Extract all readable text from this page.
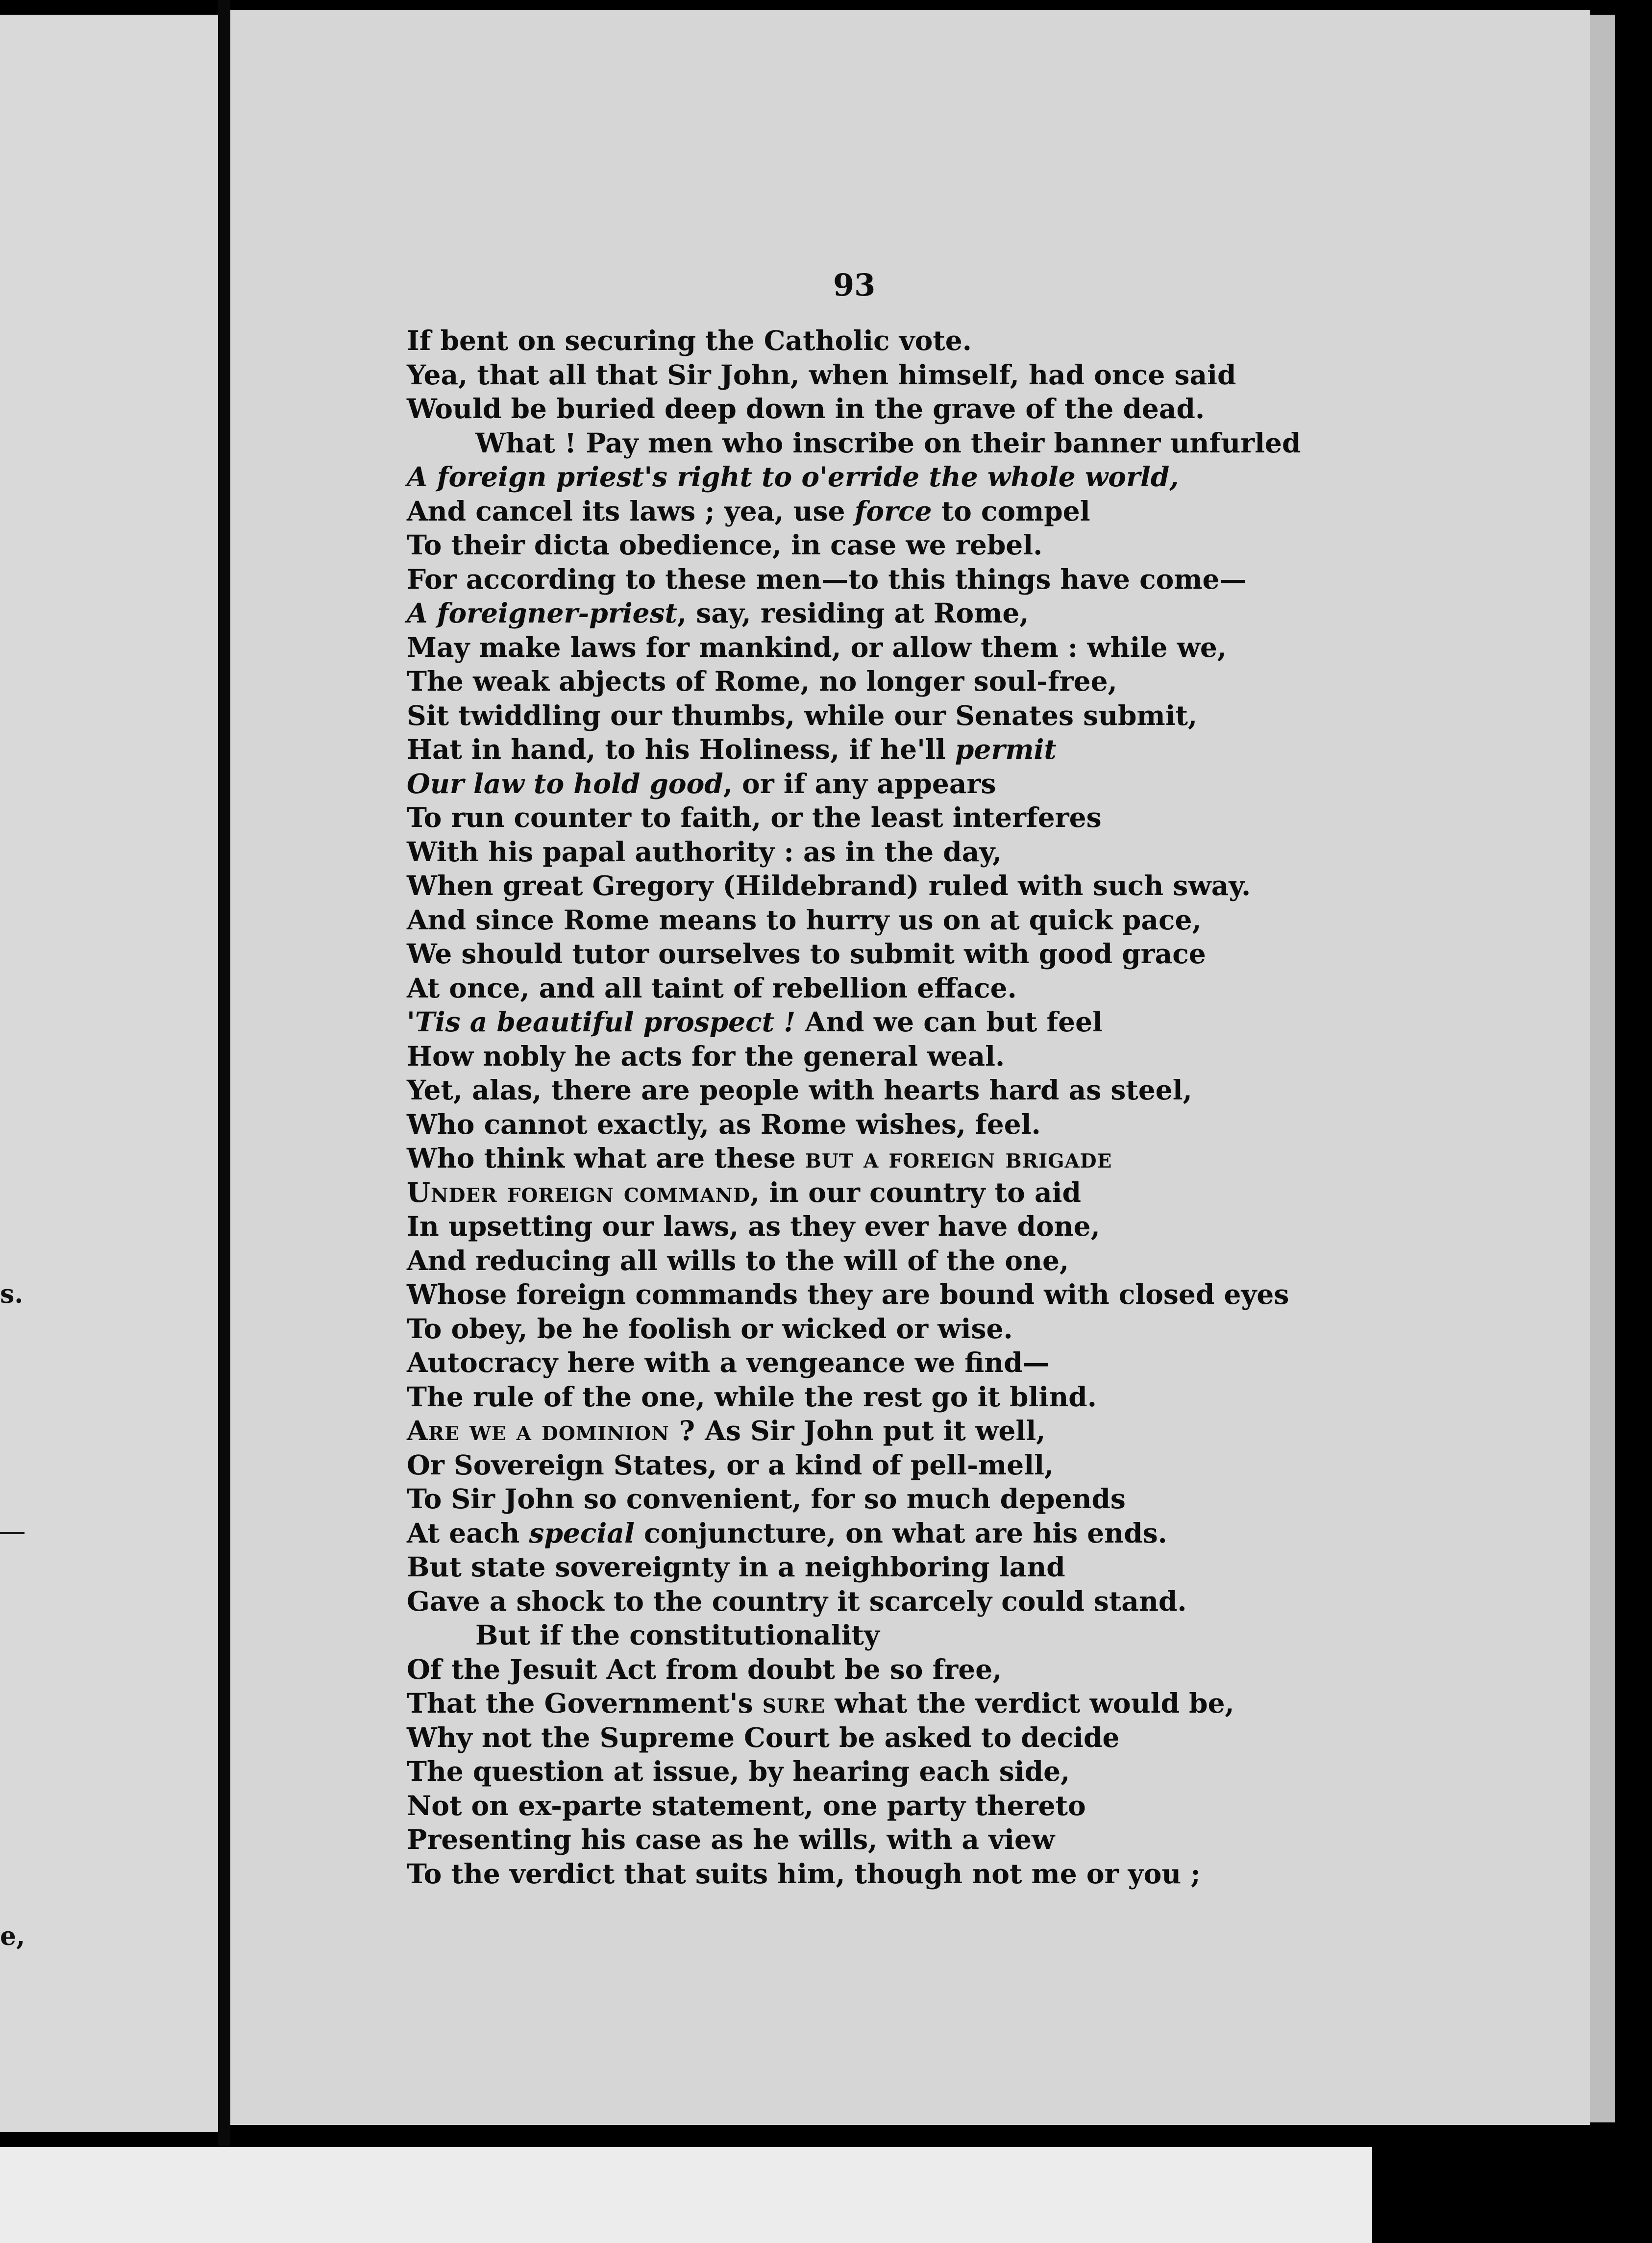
s.
e,

93

If bent on securing the Catholic vote.
Yea, that all that Sir John, when himself, had once said
Would be buried deep down in the grave of the dead.
What ! Pay men who inscribe on their banner unfurled
A foreign priest's right to o'erride the whole world,
And cancel its laws ; yea, use force to compel
To their dicta obedience, in case we rebel.
For according to these men—to this things have come—
A foreigner-priest, say, residing at Rome,
May make laws for mankind, or allow them : while we,
The weak abjects of Rome, no longer soul-free,
Sit twiddling our thumbs, while our Senates submit,
Hat in hand, to his Holiness, if he'll permit
Our law to hold good, or if any appears
To run counter to faith, or the least interferes
With his papal authority : as in the day,
When great Gregory (Hildebrand) ruled with such sway.
And since Rome means to hurry us on at quick pace,
We should tutor ourselves to submit with good grace
At once, and all taint of rebellion efface.
'Tis a beautiful prospect ! And we can but feel
How nobly he acts for the general weal.
Yet, alas, there are people with hearts hard as steel,
Who cannot exactly, as Rome wishes, feel.
Who think what are these but a foreign brigade
Under foreign command, in our country to aid
In upsetting our laws, as they ever have done,
And reducing all wills to the will of the one,
Whose foreign commands they are bound with closed eyes
To obey, be he foolish or wicked or wise.
Autocracy here with a vengeance we find—
The rule of the one, while the rest go it blind.
Are we a dominion ? As Sir John put it well,
Or Sovereign States, or a kind of pell-mell,
To Sir John so convenient, for so much depends
At each special conjuncture, on what are his ends.
But state sovereignty in a neighboring land
Gave a shock to the country it scarcely could stand.
But if the constitutionality
Of the Jesuit Act from doubt be so free,
That the Government's sure what the verdict would be,
Why not the Supreme Court be asked to decide
The question at issue, by hearing each side,
Not on ex-parte statement, one party thereto
Presenting his case as he wills, with a view
To the verdict that suits him, though not me or you ;
